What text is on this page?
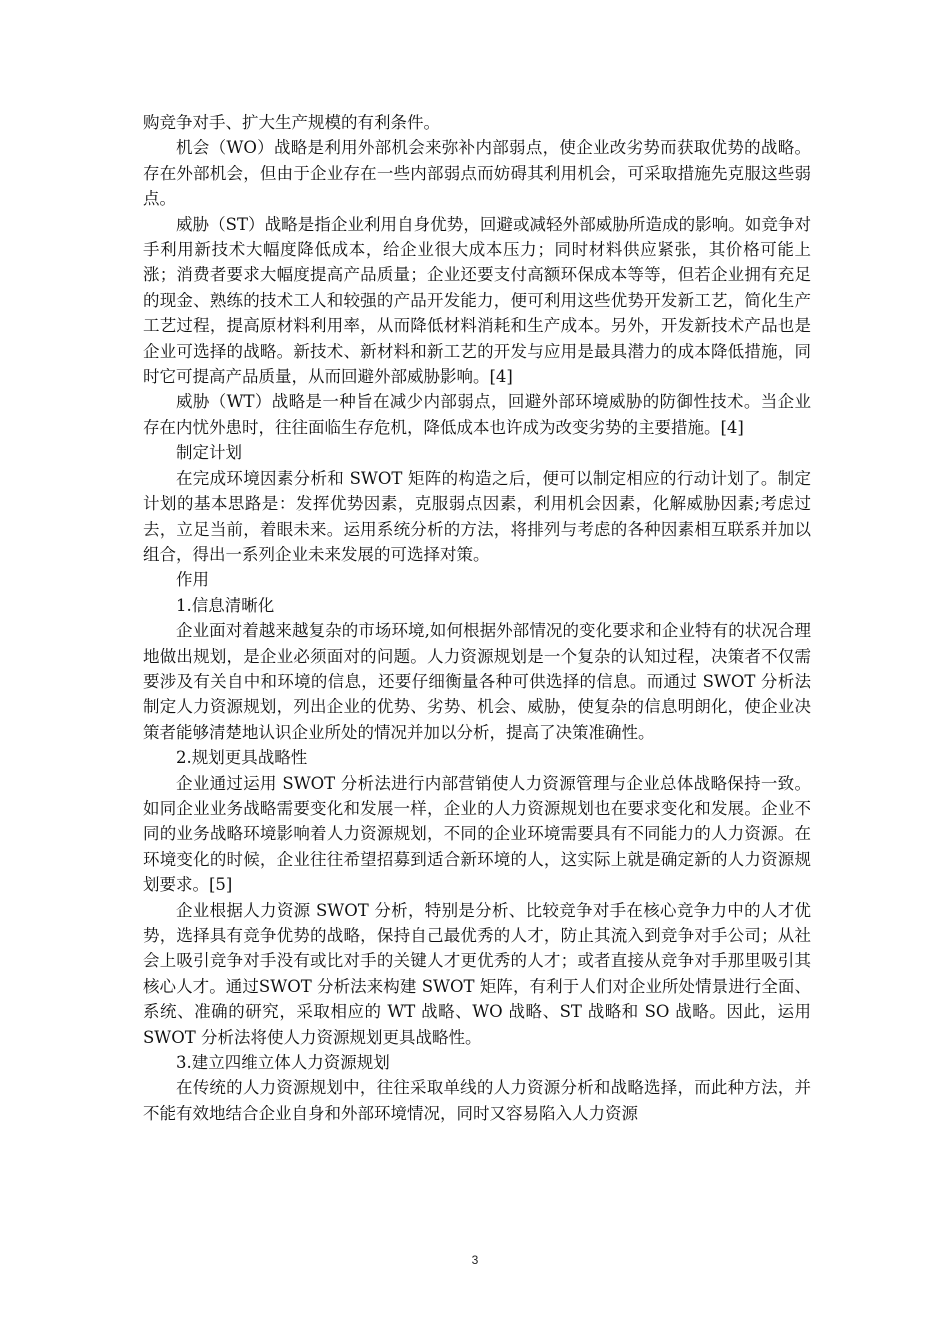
购竞争对手、扩大生产规模的有利条件。

机会（WO）战略是利用外部机会来弥补内部弱点，使企业改劣势而获取优势的战略。存在外部机会，但由于企业存在一些内部弱点而妨碍其利用机会，可采取措施先克服这些弱点。

威胁（ST）战略是指企业利用自身优势，回避或减轻外部威胁所造成的影响。如竞争对手利用新技术大幅度降低成本，给企业很大成本压力；同时材料供应紧张，其价格可能上涨；消费者要求大幅度提高产品质量；企业还要支付高额环保成本等等，但若企业拥有充足的现金、熟练的技术工人和较强的产品开发能力，便可利用这些优势开发新工艺，简化生产工艺过程，提高原材料利用率，从而降低材料消耗和生产成本。另外，开发新技术产品也是企业可选择的战略。新技术、新材料和新工艺的开发与应用是最具潜力的成本降低措施，同时它可提高产品质量，从而回避外部威胁影响。[4]

威胁（WT）战略是一种旨在减少内部弱点，回避外部环境威胁的防御性技术。当企业存在内忧外患时，往往面临生存危机，降低成本也许成为改变劣势的主要措施。[4]

制定计划

在完成环境因素分析和 SWOT 矩阵的构造之后，便可以制定相应的行动计划了。制定计划的基本思路是：发挥优势因素，克服弱点因素，利用机会因素，化解威胁因素;考虑过去，立足当前，着眼未来。运用系统分析的方法，将排列与考虑的各种因素相互联系并加以组合，得出一系列企业未来发展的可选择对策。

作用

1.信息清晰化

企业面对着越来越复杂的市场环境,如何根据外部情况的变化要求和企业特有的状况合理地做出规划，是企业必须面对的问题。人力资源规划是一个复杂的认知过程，决策者不仅需要涉及有关自中和环境的信息，还要仔细衡量各种可供选择的信息。而通过 SWOT 分析法制定人力资源规划，列出企业的优势、劣势、机会、威胁，使复杂的信息明朗化，使企业决策者能够清楚地认识企业所处的情况并加以分析，提高了决策准确性。

2.规划更具战略性

企业通过运用 SWOT 分析法进行内部营销使人力资源管理与企业总体战略保持一致。如同企业业务战略需要变化和发展一样，企业的人力资源规划也在要求变化和发展。企业不同的业务战略环境影响着人力资源规划，不同的企业环境需要具有不同能力的人力资源。在环境变化的时候，企业往往希望招募到适合新环境的人，这实际上就是确定新的人力资源规划要求。[5]

企业根据人力资源 SWOT 分析，特别是分析、比较竞争对手在核心竞争力中的人才优势，选择具有竞争优势的战略，保持自己最优秀的人才，防止其流入到竞争对手公司；从社会上吸引竞争对手没有或比对手的关键人才更优秀的人才；或者直接从竞争对手那里吸引其核心人才。通过SWOT 分析法来构建 SWOT 矩阵，有利于人们对企业所处情景进行全面、系统、准确的研究，采取相应的 WT 战略、WO 战略、ST 战略和 SO 战略。因此，运用 SWOT 分析法将使人力资源规划更具战略性。

3.建立四维立体人力资源规划

在传统的人力资源规划中，往往采取单线的人力资源分析和战略选择，而此种方法，并不能有效地结合企业自身和外部环境情况，同时又容易陷入人力资源

3
